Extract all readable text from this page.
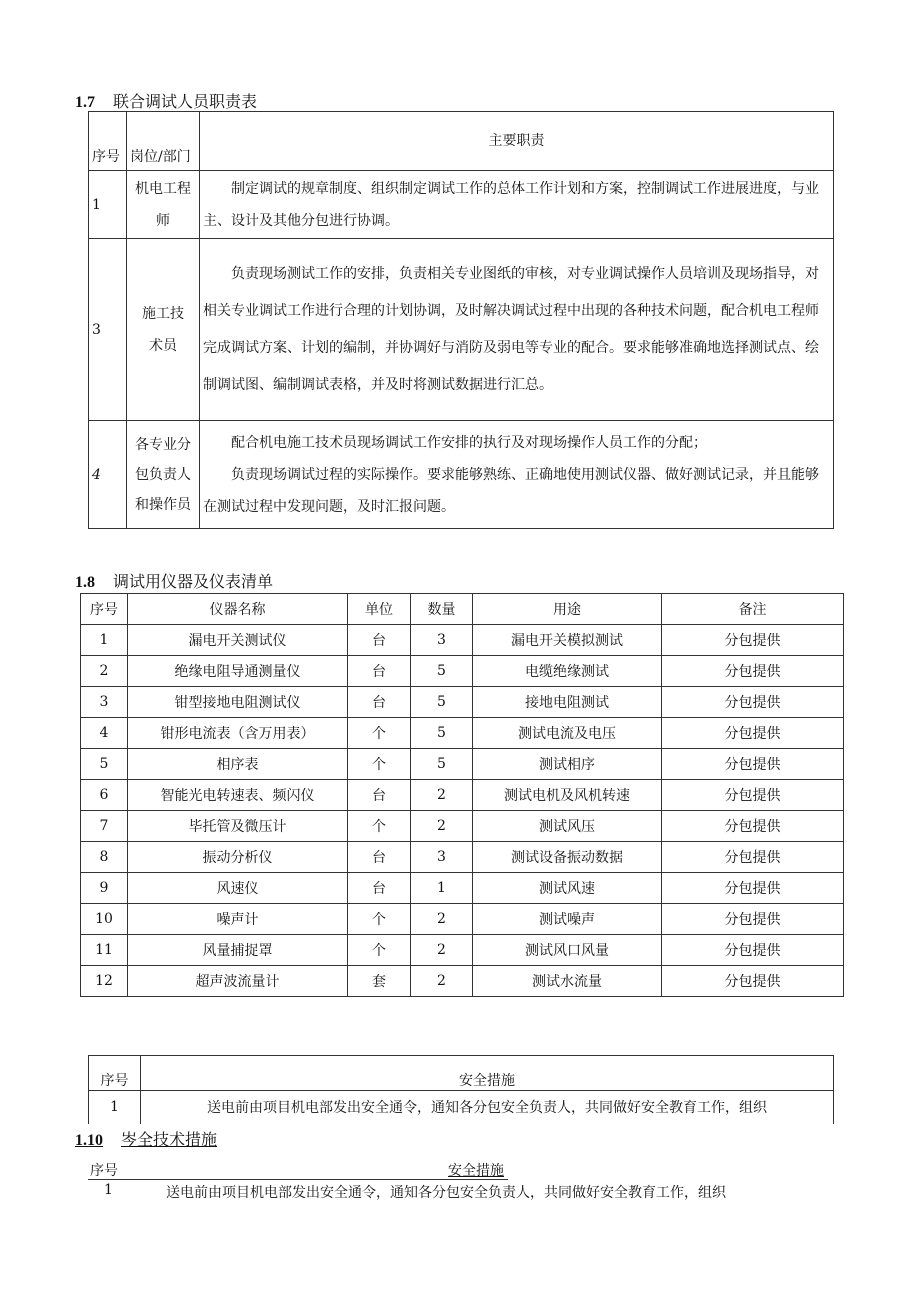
1.7 联合调试人员职责表
序号	岗位/部门	主要职责
1	机电工程师	制定调试的规章制度、组织制定调试工作的总体工作计划和方案，控制调试工作进展进度，与业主、设计及其他分包进行协调。

3	施工技术员	负责现场测试工作的安排，负责相关专业图纸的审核，对专业调试操作人员培训及现场指导，对相关专业调试工作进行合理的计划协调，及时解决调试过程中出现的各种技术问题，配合机电工程师完成调试方案、计划的编制，并协调好与消防及弱电等专业的配合。要求能够准确地选择测试点、绘制调试图、编制调试表格，并及时将测试数据进行汇总。

4	各专业分包负责人和操作员	配合机电施工技术员现场调试工作安排的执行及对现场操作人员工作的分配；
负责现场调试过程的实际操作。要求能够熟练、正确地使用测试仪器、做好测试记录，并且能够在测试过程中发现问题，及时汇报问题。
1.8 调试用仪器及仪表清单
序号	仪器名称	单位	数量	用途	备注
1	漏电开关测试仪	台	3	漏电开关模拟测试	分包提供
2	绝缘电阻导通测量仪	台	5	电缆绝缘测试	分包提供
3	钳型接地电阻测试仪	台	5	接地电阻测试	分包提供
4	钳形电流表（含万用表）	个	5	测试电流及电压	分包提供
5	相序表	个	5	测试相序	分包提供
6	智能光电转速表、频闪仪	台	2	测试电机及风机转速	分包提供
7	毕托管及微压计	个	2	测试风压	分包提供
8	振动分析仪	台	3	测试设备振动数据	分包提供
9	风速仪	台	1	测试风速	分包提供
10	噪声计	个	2	测试噪声	分包提供
11	风量捕捉罩	个	2	测试风口风量	分包提供
12	超声波流量计	套	2	测试水流量	分包提供
序号	安全措施
1	送电前由项目机电部发出安全通令，通知各分包安全负责人，共同做好安全教育工作，组织
1.10 岑全技术措施
序号	安全措施
1	送电前由项目机电部发出安全通令，通知各分包安全负责人，共同做好安全教育工作，组织
